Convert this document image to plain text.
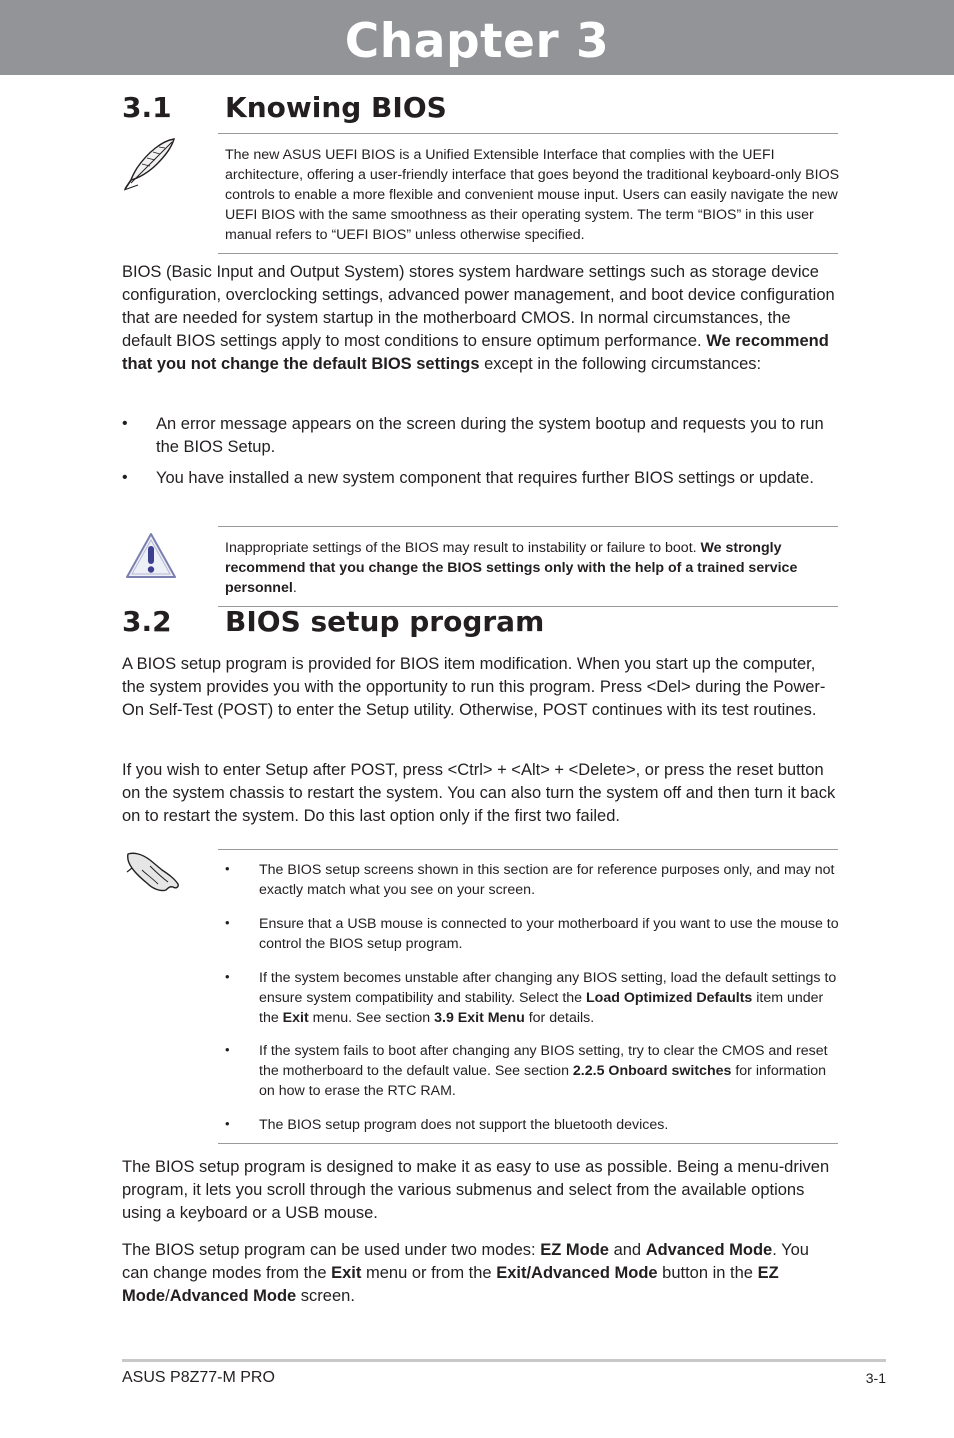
Chapter 3
3.1 Knowing BIOS

The new ASUS UEFI BIOS is a Unified Extensible Interface that complies with the UEFI architecture, offering a user-friendly interface that goes beyond the traditional keyboard-only BIOS controls to enable a more flexible and convenient mouse input. Users can easily navigate the new UEFI BIOS with the same smoothness as their operating system. The term “BIOS” in this user manual refers to “UEFI BIOS” unless otherwise specified.

BIOS (Basic Input and Output System) stores system hardware settings such as storage device configuration, overclocking settings, advanced power management, and boot device configuration that are needed for system startup in the motherboard CMOS. In normal circumstances, the default BIOS settings apply to most conditions to ensure optimum performance. We recommend that you not change the default BIOS settings except in the following circumstances:

• An error message appears on the screen during the system bootup and requests you to run the BIOS Setup.

• You have installed a new system component that requires further BIOS settings or update.

Inappropriate settings of the BIOS may result to instability or failure to boot. We strongly recommend that you change the BIOS settings only with the help of a trained service personnel.

3.2 BIOS setup program

A BIOS setup program is provided for BIOS item modification. When you start up the computer, the system provides you with the opportunity to run this program. Press <Del> during the Power-On Self-Test (POST) to enter the Setup utility. Otherwise, POST continues with its test routines.

If you wish to enter Setup after POST, press <Ctrl> + <Alt> + <Delete>, or press the reset button on the system chassis to restart the system. You can also turn the system off and then turn it back on to restart the system. Do this last option only if the first two failed.

• The BIOS setup screens shown in this section are for reference purposes only, and may not exactly match what you see on your screen.

• Ensure that a USB mouse is connected to your motherboard if you want to use the mouse to control the BIOS setup program.

• If the system becomes unstable after changing any BIOS setting, load the default settings to ensure system compatibility and stability. Select the Load Optimized Defaults item under the Exit menu. See section 3.9 Exit Menu for details.

• If the system fails to boot after changing any BIOS setting, try to clear the CMOS and reset the motherboard to the default value. See section 2.2.5 Onboard switches for information on how to erase the RTC RAM.

• The BIOS setup program does not support the bluetooth devices.

The BIOS setup program is designed to make it as easy to use as possible. Being a menu-driven program, it lets you scroll through the various submenus and select from the available options using a keyboard or a USB mouse.

The BIOS setup program can be used under two modes: EZ Mode and Advanced Mode. You can change modes from the Exit menu or from the Exit/Advanced Mode button in the EZ Mode/Advanced Mode screen.

ASUS P8Z77-M PRO	3-1
